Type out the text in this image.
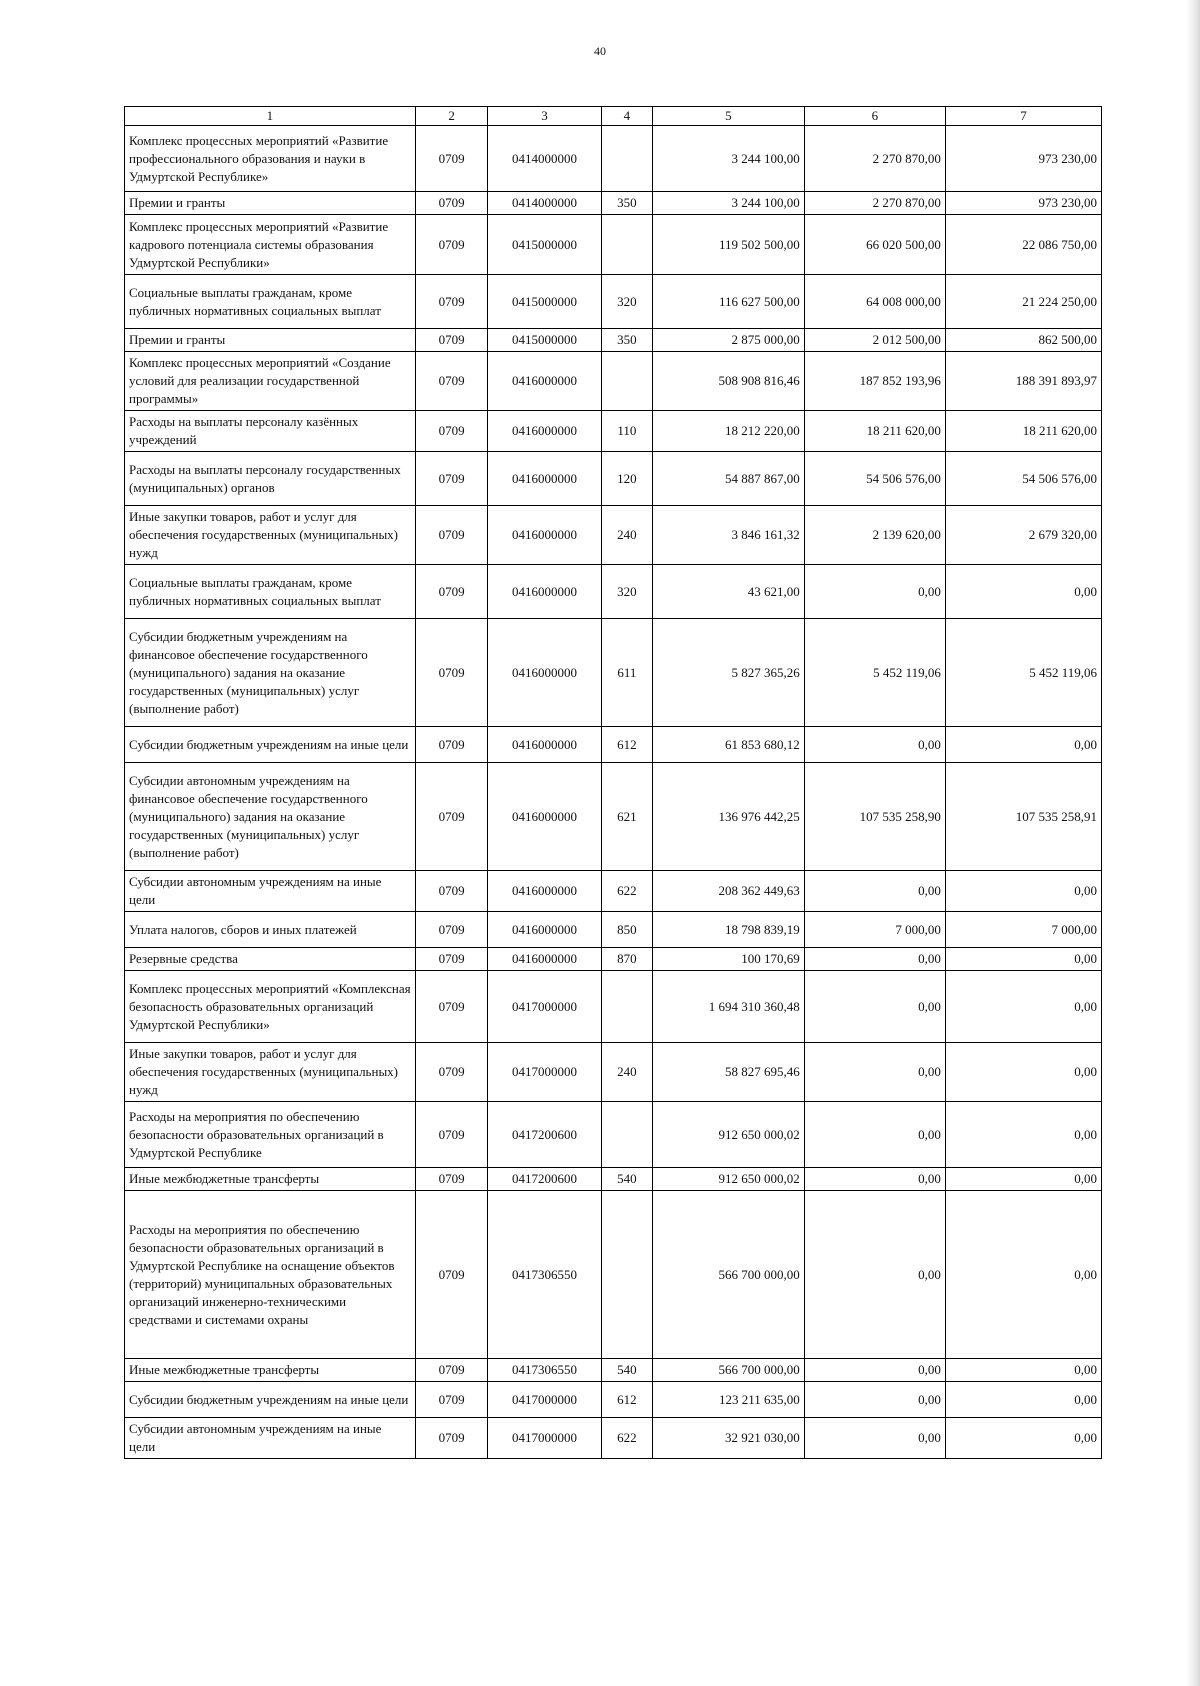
40
1	2	3	4	5	6	7
Комплекс процессных мероприятий «Развитие профессионального образования и науки в Удмуртской Республике»	0709	0414000000		3 244 100,00	2 270 870,00	973 230,00
Премии и гранты	0709	0414000000	350	3 244 100,00	2 270 870,00	973 230,00
Комплекс процессных мероприятий «Развитие кадрового потенциала системы образования Удмуртской Республики»	0709	0415000000		119 502 500,00	66 020 500,00	22 086 750,00
Социальные выплаты гражданам, кроме публичных нормативных социальных выплат	0709	0415000000	320	116 627 500,00	64 008 000,00	21 224 250,00
Премии и гранты	0709	0415000000	350	2 875 000,00	2 012 500,00	862 500,00
Комплекс процессных мероприятий «Создание условий для реализации государственной программы»	0709	0416000000		508 908 816,46	187 852 193,96	188 391 893,97
Расходы на выплаты персоналу казённых учреждений	0709	0416000000	110	18 212 220,00	18 211 620,00	18 211 620,00
Расходы на выплаты персоналу государственных (муниципальных) органов	0709	0416000000	120	54 887 867,00	54 506 576,00	54 506 576,00
Иные закупки товаров, работ и услуг для обеспечения государственных (муниципальных) нужд	0709	0416000000	240	3 846 161,32	2 139 620,00	2 679 320,00
Социальные выплаты гражданам, кроме публичных нормативных социальных выплат	0709	0416000000	320	43 621,00	0,00	0,00
Субсидии бюджетным учреждениям на финансовое обеспечение государственного (муниципального) задания на оказание государственных (муниципальных) услуг (выполнение работ)	0709	0416000000	611	5 827 365,26	5 452 119,06	5 452 119,06
Субсидии бюджетным учреждениям на иные цели	0709	0416000000	612	61 853 680,12	0,00	0,00
Субсидии автономным учреждениям на финансовое обеспечение государственного (муниципального) задания на оказание государственных (муниципальных) услуг (выполнение работ)	0709	0416000000	621	136 976 442,25	107 535 258,90	107 535 258,91
Субсидии автономным учреждениям на иные цели	0709	0416000000	622	208 362 449,63	0,00	0,00
Уплата налогов, сборов и иных платежей	0709	0416000000	850	18 798 839,19	7 000,00	7 000,00
Резервные средства	0709	0416000000	870	100 170,69	0,00	0,00
Комплекс процессных мероприятий «Комплексная безопасность образовательных организаций Удмуртской Республики»	0709	0417000000		1 694 310 360,48	0,00	0,00
Иные закупки товаров, работ и услуг для обеспечения государственных (муниципальных) нужд	0709	0417000000	240	58 827 695,46	0,00	0,00
Расходы на мероприятия по обеспечению безопасности образовательных организаций в Удмуртской Республике	0709	0417200600		912 650 000,02	0,00	0,00
Иные межбюджетные трансферты	0709	0417200600	540	912 650 000,02	0,00	0,00
Расходы на мероприятия по обеспечению безопасности образовательных организаций в Удмуртской Республике на оснащение объектов (территорий) муниципальных образовательных организаций инженерно-техническими средствами и системами охраны	0709	0417306550		566 700 000,00	0,00	0,00
Иные межбюджетные трансферты	0709	0417306550	540	566 700 000,00	0,00	0,00
Субсидии бюджетным учреждениям на иные цели	0709	0417000000	612	123 211 635,00	0,00	0,00
Субсидии автономным учреждениям на иные цели	0709	0417000000	622	32 921 030,00	0,00	0,00
